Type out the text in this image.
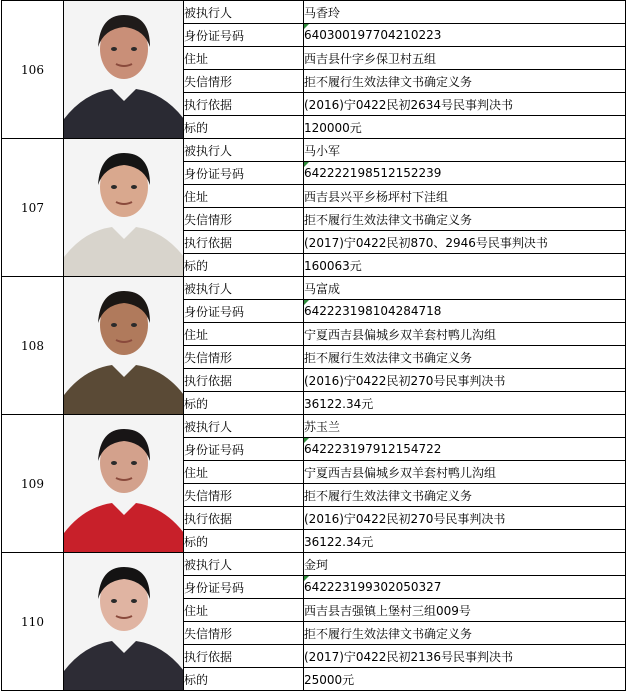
106		被执行人	马香玲
		身份证号码	640300197704210223
		住址	西吉县什字乡保卫村五组
		失信情形	拒不履行生效法律文书确定义务
		执行依据	(2016)宁0422民初2634号民事判决书
		标的	120000元
107		被执行人	马小军
		身份证号码	642222198512152239
		住址	西吉县兴平乡杨坪村下洼组
		失信情形	拒不履行生效法律文书确定义务
		执行依据	(2017)宁0422民初870、2946号民事判决书
		标的	160063元
108		被执行人	马富成
		身份证号码	642223198104284718
		住址	宁夏西吉县偏城乡双羊套村鸭儿沟组
		失信情形	拒不履行生效法律文书确定义务
		执行依据	(2016)宁0422民初270号民事判决书
		标的	36122.34元
109		被执行人	苏玉兰
		身份证号码	642223197912154722
		住址	宁夏西吉县偏城乡双羊套村鸭儿沟组
		失信情形	拒不履行生效法律文书确定义务
		执行依据	(2016)宁0422民初270号民事判决书
		标的	36122.34元
110		被执行人	金珂
		身份证号码	642223199302050327
		住址	西吉县吉强镇上堡村三组009号
		失信情形	拒不履行生效法律文书确定义务
		执行依据	(2017)宁0422民初2136号民事判决书
		标的	25000元
